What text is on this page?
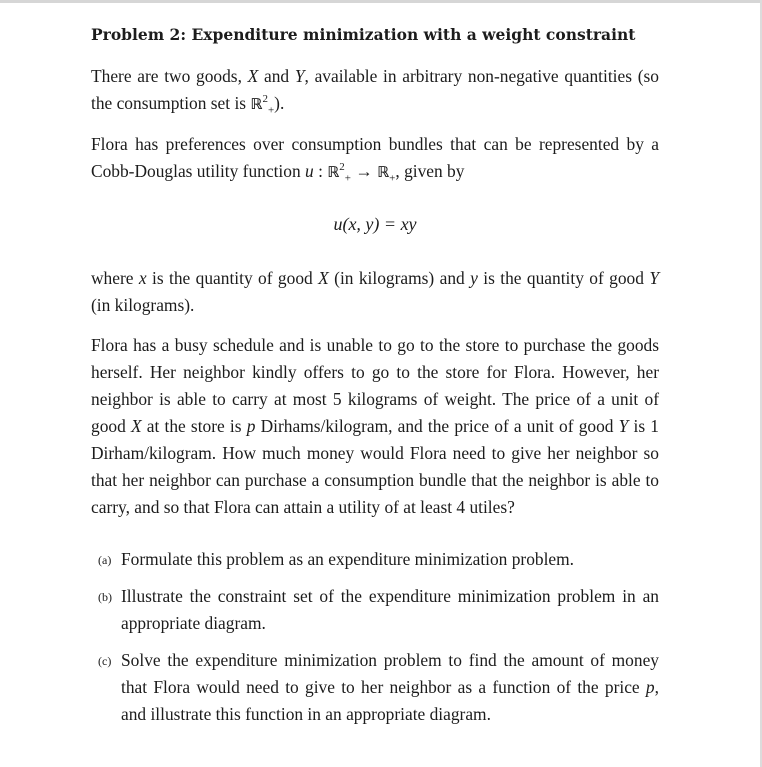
Problem 2: Expenditure minimization with a weight constraint

There are two goods, X and Y, available in arbitrary non-negative quantities (so the consumption set is ℝ$^2_+$).

Flora has preferences over consumption bundles that can be represented by a Cobb-Douglas utility function u : ℝ$^2_+$ → ℝ$_+$, given by

u(x, y) = xy

where x is the quantity of good X (in kilograms) and y is the quantity of good Y (in kilograms).

Flora has a busy schedule and is unable to go to the store to purchase the goods herself. Her neighbor kindly offers to go to the store for Flora. However, her neighbor is able to carry at most 5 kilograms of weight. The price of a unit of good X at the store is p Dirhams/kilogram, and the price of a unit of good Y is 1 Dirham/kilogram. How much money would Flora need to give her neighbor so that her neighbor can purchase a consumption bundle that the neighbor is able to carry, and so that Flora can attain a utility of at least 4 utiles?

(a) Formulate this problem as an expenditure minimization problem.
(b) Illustrate the constraint set of the expenditure minimization problem in an appropriate diagram.
(c) Solve the expenditure minimization problem to find the amount of money that Flora would need to give to her neighbor as a function of the price p, and illustrate this function in an appropriate diagram.
